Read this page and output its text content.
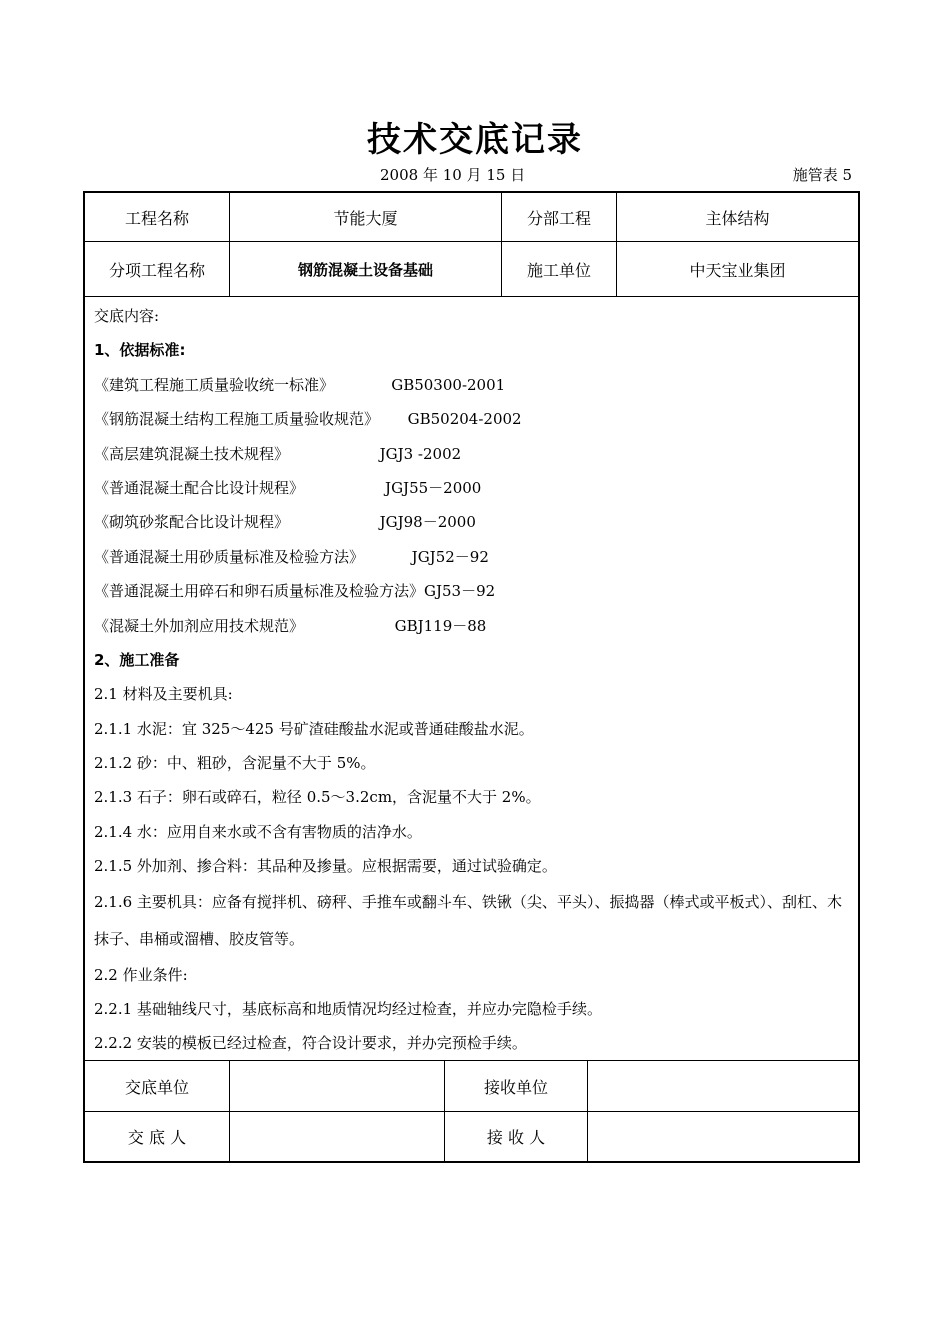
技术交底记录
2008 年 10 月 15 日	施管表 5
工程名称	节能大厦	分部工程	主体结构
分项工程名称	钢筋混凝土设备基础	施工单位	中天宝业集团
交底内容:
1、依据标准:
《建筑工程施工质量验收统一标准》            GB50300-2001
《钢筋混凝土结构工程施工质量验收规范》      GB50204-2002
《高层建筑混凝土技术规程》                   JGJ3 -2002
《普通混凝土配合比设计规程》                 JGJ55－2000
《砌筑砂浆配合比设计规程》                   JGJ98－2000
《普通混凝土用砂质量标准及检验方法》          JGJ52－92
《普通混凝土用碎石和卵石质量标准及检验方法》GJ53－92
《混凝土外加剂应用技术规范》                   GBJ119－88
2、施工准备
2.1 材料及主要机具:
2.1.1 水泥：宜 325～425 号矿渣硅酸盐水泥或普通硅酸盐水泥。
2.1.2 砂：中、粗砂，含泥量不大于 5%。
2.1.3 石子：卵石或碎石，粒径 0.5～3.2cm，含泥量不大于 2%。
2.1.4 水：应用自来水或不含有害物质的洁净水。
2.1.5 外加剂、掺合料：其品种及掺量。应根据需要，通过试验确定。
2.1.6 主要机具：应备有搅拌机、磅秤、手推车或翻斗车、铁锹（尖、平头）、振捣器（棒式或平板式）、刮杠、木抹子、串桶或溜槽、胶皮管等。
2.2 作业条件:
2.2.1 基础轴线尺寸，基底标高和地质情况均经过检查，并应办完隐检手续。
2.2.2 安装的模板已经过检查，符合设计要求，并办完预检手续。
交底单位	接收单位
交 底 人	接 收 人
